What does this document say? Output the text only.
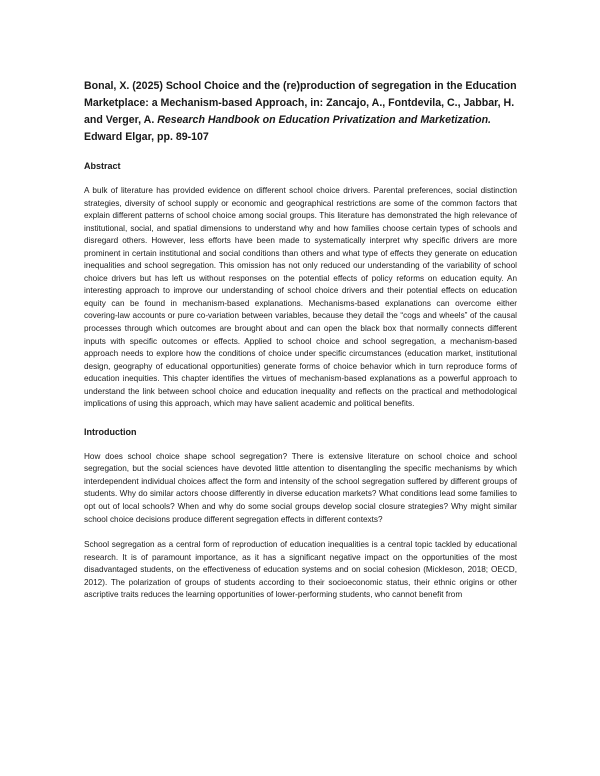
Bonal, X. (2025) School Choice and the (re)production of segregation in the Education Marketplace: a Mechanism-based Approach, in: Zancajo, A., Fontdevila, C., Jabbar, H. and Verger, A. Research Handbook on Education Privatization and Marketization. Edward Elgar, pp. 89-107

Abstract

A bulk of literature has provided evidence on different school choice drivers. Parental preferences, social distinction strategies, diversity of school supply or economic and geographical restrictions are some of the common factors that explain different patterns of school choice among social groups. This literature has demonstrated the high relevance of institutional, social, and spatial dimensions to understand why and how families choose certain types of schools and disregard others. However, less efforts have been made to systematically interpret why specific drivers are more prominent in certain institutional and social conditions than others and what type of effects they generate on education inequalities and school segregation. This omission has not only reduced our understanding of the variability of school choice drivers but has left us without responses on the potential effects of policy reforms on education equity. An interesting approach to improve our understanding of school choice drivers and their potential effects on education equity can be found in mechanism-based explanations. Mechanisms-based explanations can overcome either covering-law accounts or pure co-variation between variables, because they detail the “cogs and wheels” of the causal processes through which outcomes are brought about and can open the black box that normally connects different inputs with specific outcomes or effects. Applied to school choice and school segregation, a mechanism-based approach needs to explore how the conditions of choice under specific circumstances (education market, institutional design, geography of educational opportunities) generate forms of choice behavior which in turn reproduce forms of education inequities. This chapter identifies the virtues of mechanism-based explanations as a powerful approach to understand the link between school choice and education inequality and reflects on the practical and methodological implications of using this approach, which may have salient academic and political benefits.

Introduction

How does school choice shape school segregation? There is extensive literature on school choice and school segregation, but the social sciences have devoted little attention to disentangling the specific mechanisms by which interdependent individual choices affect the form and intensity of the school segregation suffered by different groups of students. Why do similar actors choose differently in diverse education markets? What conditions lead some families to opt out of local schools? When and why do some social groups develop social closure strategies? Why might similar school choice decisions produce different segregation effects in different contexts?

School segregation as a central form of reproduction of education inequalities is a central topic tackled by educational research. It is of paramount importance, as it has a significant negative impact on the opportunities of the most disadvantaged students, on the effectiveness of education systems and on social cohesion (Mickleson, 2018; OECD, 2012). The polarization of groups of students according to their socioeconomic status, their ethnic origins or other ascriptive traits reduces the learning opportunities of lower-performing students, who cannot benefit from
